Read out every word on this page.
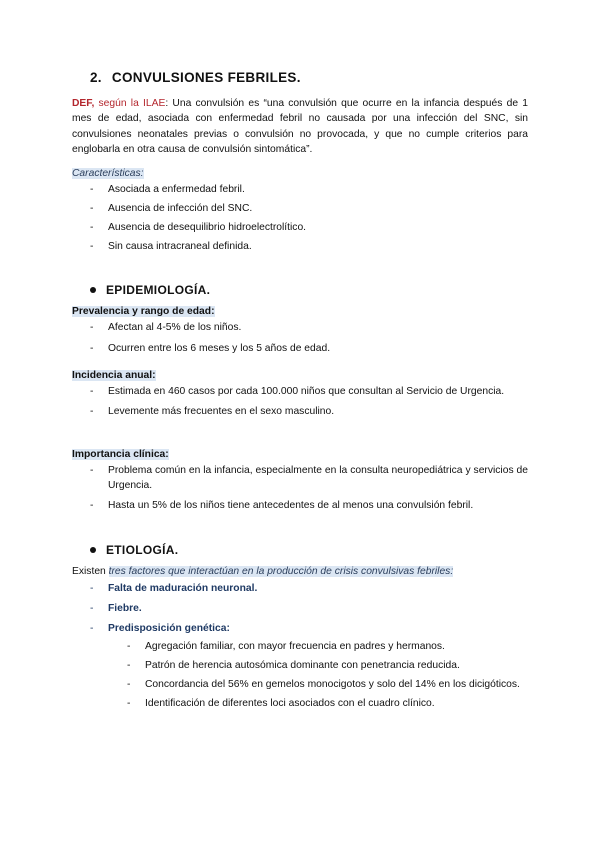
2. CONVULSIONES FEBRILES.
DEF, según la ILAE: Una convulsión es “una convulsión que ocurre en la infancia después de 1 mes de edad, asociada con enfermedad febril no causada por una infección del SNC, sin convulsiones neonatales previas o convulsión no provocada, y que no cumple criterios para englobarla en otra causa de convulsión sintomática”.
Características:
- Asociada a enfermedad febril.
- Ausencia de infección del SNC.
- Ausencia de desequilibrio hidroelectrolítico.
- Sin causa intracraneal definida.
EPIDEMIOLOGÍA.
Prevalencia y rango de edad:
- Afectan al 4-5% de los niños.
- Ocurren entre los 6 meses y los 5 años de edad.
Incidencia anual:
- Estimada en 460 casos por cada 100.000 niños que consultan al Servicio de Urgencia.
- Levemente más frecuentes en el sexo masculino.
Importancia clínica:
- Problema común en la infancia, especialmente en la consulta neuropediátrica y servicios de Urgencia.
- Hasta un 5% de los niños tiene antecedentes de al menos una convulsión febril.
ETIOLOGÍA.
Existen tres factores que interactúan en la producción de crisis convulsivas febriles:
- Falta de maduración neuronal.
- Fiebre.
- Predisposición genética:
- Agregación familiar, con mayor frecuencia en padres y hermanos.
- Patrón de herencia autosómica dominante con penetrancia reducida.
- Concordancia del 56% en gemelos monocigotos y solo del 14% en los dicigóticos.
- Identificación de diferentes loci asociados con el cuadro clínico.
